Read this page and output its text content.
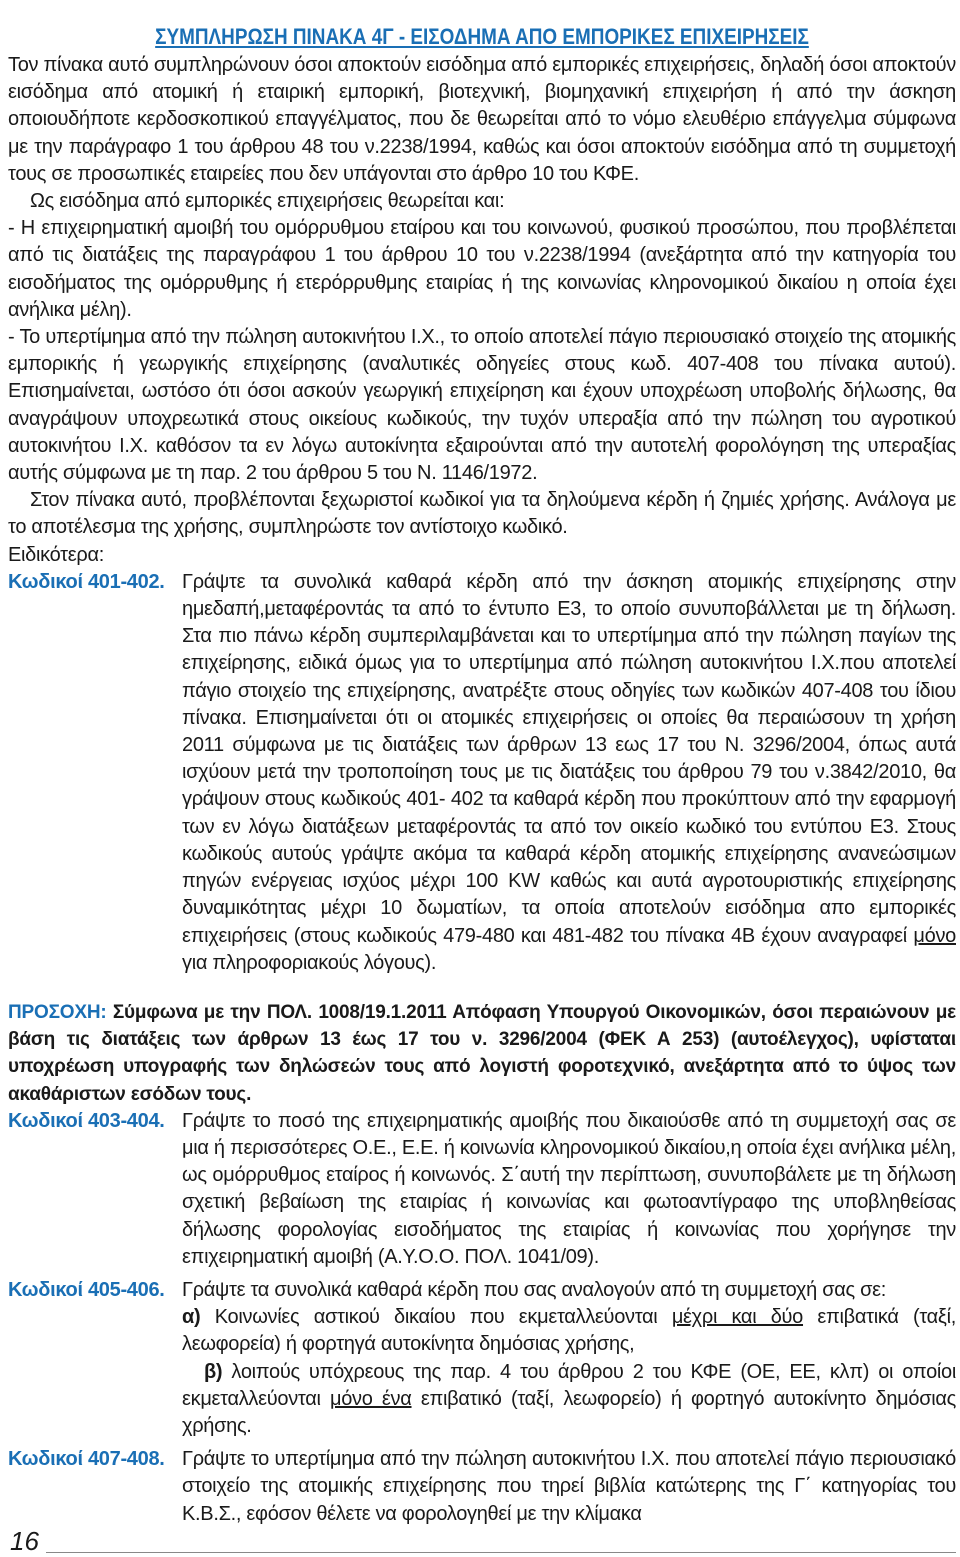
ΣΥΜΠΛΗΡΩΣΗ ΠΙΝΑΚΑ 4Γ - ΕΙΣΟΔΗΜΑ ΑΠΟ ΕΜΠΟΡΙΚΕΣ ΕΠΙΧΕΙΡΗΣΕΙΣ

Τον πίνακα αυτό συμπληρώνουν όσοι αποκτούν εισόδημα από εμπορικές επιχειρήσεις, δηλαδή όσοι αποκτούν εισόδημα από ατομική ή εταιρική εμπορική, βιοτεχνική, βιομηχανική επιχειρήση ή από την άσκηση οποιουδήποτε κερδοσκοπικού επαγγέλματος, που δε θεωρείται από το νόμο ελευθέριο επάγγελμα σύμφωνα με την παράγραφο 1 του άρθρου 48 του ν.2238/1994, καθώς και όσοι αποκτούν εισόδημα από τη συμμετοχή τους σε προσωπικές εταιρείες που δεν υπάγονται στο άρθρο 10 του ΚΦΕ.

Ως εισόδημα από εμπορικές επιχειρήσεις θεωρείται και:

- Η επιχειρηματική αμοιβή του ομόρρυθμου εταίρου και του κοινωνού, φυσικού προσώπου, που προβλέπεται από τις διατάξεις της παραγράφου 1 του άρθρου 10 του ν.2238/1994 (ανεξάρτητα από την κατηγορία του εισοδήματος της ομόρρυθμης ή ετερόρρυθμης εταιρίας ή της κοινωνίας κληρονομικού δικαίου η οποία έχει ανήλικα μέλη).

- Το υπερτίμημα από την πώληση αυτοκινήτου Ι.Χ., το οποίο αποτελεί πάγιο περιουσιακό στοιχείο της ατομικής εμπορικής ή γεωργικής επιχείρησης (αναλυτικές οδηγείες στους κωδ. 407-408 του πίνακα αυτού). Επισημαίνεται, ωστόσο ότι όσοι ασκούν γεωργική επιχείρηση και έχουν υποχρέωση υποβολής δήλωσης, θα αναγράψουν υποχρεωτικά στους οικείους κωδικούς, την τυχόν υπεραξία από την πώληση του αγροτικού αυτοκινήτου Ι.Χ. καθόσον τα εν λόγω αυτοκίνητα εξαιρούνται από την αυτοτελή φορολόγηση της υπεραξίας αυτής σύμφωνα με τη παρ. 2 του άρθρου 5 του Ν. 1146/1972.

Στον πίνακα αυτό, προβλέπονται ξεχωριστοί κωδικοί για τα δηλούμενα κέρδη ή ζημιές χρήσης. Ανάλογα με το αποτέλεσμα της χρήσης, συμπληρώστε τον αντίστοιχο κωδικό.

Ειδικότερα:

Κωδικοί 401-402. Γράψτε τα συνολικά καθαρά κέρδη από την άσκηση ατομικής επιχείρησης στην ημεδαπή,μεταφέροντάς τα από το έντυπο Ε3, το οποίο συνυποβάλλεται με τη δήλωση. Στα πιο πάνω κέρδη συμπεριλαμβάνεται και το υπερτίμημα από την πώληση παγίων της επιχείρησης, ειδικά όμως για το υπερτίμημα από πώληση αυτοκινήτου Ι.Χ.που αποτελεί πάγιο στοιχείο της επιχείρησης, ανατρέξτε στους οδηγίες των κωδικών 407-408 του ίδιου πίνακα. Επισημαίνεται ότι οι ατομικές επιχειρήσεις οι οποίες θα περαιώσουν τη χρήση 2011 σύμφωνα με τις διατάξεις των άρθρων 13 εως 17 του Ν. 3296/2004, όπως αυτά ισχύουν μετά την τροποποίηση τους με τις διατάξεις του άρθρου 79 του ν.3842/2010, θα γράψουν στους κωδικούς 401- 402 τα καθαρά κέρδη που προκύπτουν από την εφαρμογή των εν λόγω διατάξεων μεταφέροντάς τα από τον οικείο κωδικό του εντύπου Ε3. Στους κωδικούς αυτούς γράψτε ακόμα τα καθαρά κέρδη ατομικής επιχείρησης ανανεώσιμων πηγών ενέργειας ισχύος μέχρι 100 KW καθώς και αυτά αγροτουριστικής επιχείρησης δυναμικότητας μέχρι 10 δωματίων, τα οποία αποτελούν εισόδημα απο εμπορικές επιχειρήσεις (στους κωδικούς 479-480 και 481-482 του πίνακα 4Β έχουν αναγραφεί μόνο για πληροφοριακούς λόγους).

ΠΡΟΣΟΧΗ: Σύμφωνα με την ΠΟΛ. 1008/19.1.2011 Απόφαση Υπουργού Οικονομικών, όσοι περαιώνουν με βάση τις διατάξεις των άρθρων 13 έως 17 του ν. 3296/2004 (ΦΕΚ Α 253) (αυτοέλεγχος), υφίσταται υποχρέωση υπογραφής των δηλώσεών τους από λογιστή φοροτεχνικό, ανεξάρτητα από το ύψος των ακαθάριστων εσόδων τους.

Κωδικοί 403-404. Γράψτε το ποσό της επιχειρηματικής αμοιβής που δικαιούσθε από τη συμμετοχή σας σε μια ή περισσότερες Ο.Ε., Ε.Ε. ή κοινωνία κληρονομικού δικαίου,η οποία έχει ανήλικα μέλη, ως ομόρρυθμος εταίρος ή κοινωνός. Σ΄αυτή την περίπτωση, συνυποβάλετε με τη δήλωση σχετική βεβαίωση της εταιρίας ή κοινωνίας και φωτοαντίγραφο της υποβληθείσας δήλωσης φορολογίας εισοδήματος της εταιρίας ή κοινωνίας που χορήγησε την επιχειρηματική αμοιβή (Α.Υ.Ο.Ο. ΠΟΛ. 1041/09).

Κωδικοί 405-406. Γράψτε τα συνολικά καθαρά κέρδη που σας αναλογούν από τη συμμετοχή σας σε:

α) Κοινωνίες αστικού δικαίου που εκμεταλλεύονται μέχρι και δύο επιβατικά (ταξί, λεωφορεία) ή φορτηγά αυτοκίνητα δημόσιας χρήσης,

β) λοιπούς υπόχρεους της παρ. 4 του άρθρου 2 του ΚΦΕ (ΟΕ, ΕΕ, κλπ) οι οποίοι εκμεταλλεύονται μόνο ένα επιβατικό (ταξί, λεωφορείο) ή φορτηγό αυτοκίνητο δημόσιας χρήσης.

Κωδικοί 407-408. Γράψτε το υπερτίμημα από την πώληση αυτοκινήτου Ι.Χ. που αποτελεί πάγιο περιουσιακό στοιχείο της ατομικής επιχείρησης που τηρεί βιβλία κατώτερης της Γ΄ κατηγορίας του Κ.Β.Σ., εφόσον θέλετε να φορολογηθεί με την κλίμακα

16
